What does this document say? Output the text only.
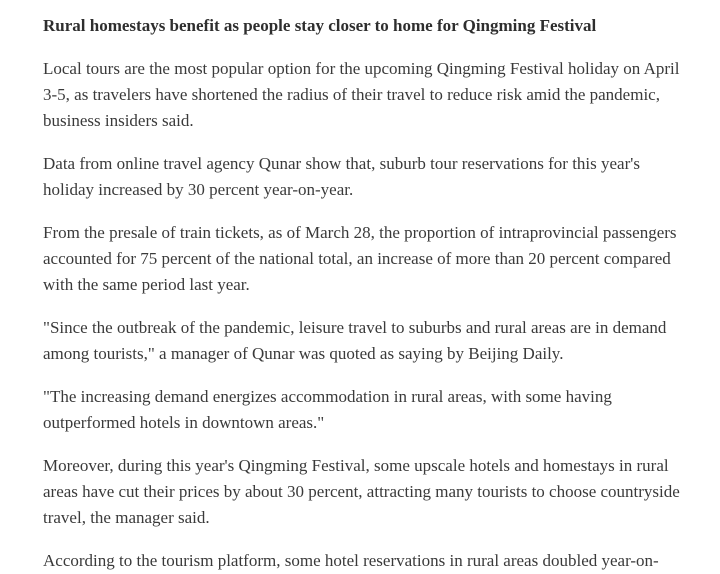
Rural homestays benefit as people stay closer to home for Qingming Festival

Local tours are the most popular option for the upcoming Qingming Festival holiday on April 3-5, as travelers have shortened the radius of their travel to reduce risk amid the pandemic, business insiders said.

Data from online travel agency Qunar show that, suburb tour reservations for this year's holiday increased by 30 percent year-on-year.

From the presale of train tickets, as of March 28, the proportion of intraprovincial passengers accounted for 75 percent of the national total, an increase of more than 20 percent compared with the same period last year.

"Since the outbreak of the pandemic, leisure travel to suburbs and rural areas are in demand among tourists," a manager of Qunar was quoted as saying by Beijing Daily.

"The increasing demand energizes accommodation in rural areas, with some having outperformed hotels in downtown areas."

Moreover, during this year's Qingming Festival, some upscale hotels and homestays in rural areas have cut their prices by about 30 percent, attracting many tourists to choose countryside travel, the manager said.

According to the tourism platform, some hotel reservations in rural areas doubled year-on-
